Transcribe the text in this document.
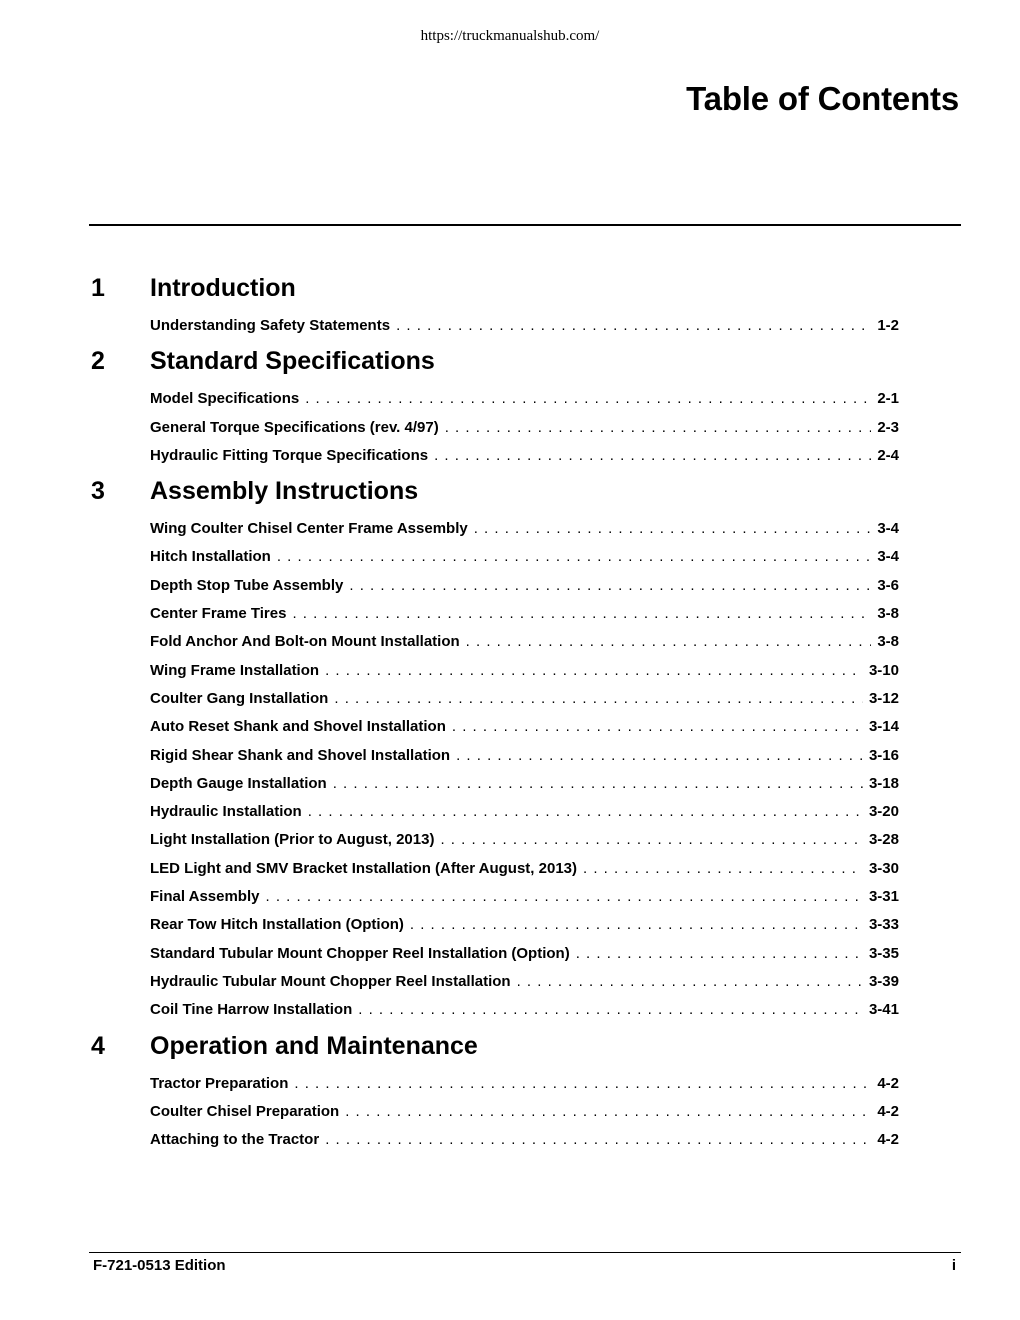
https://truckmanualshub.com/
Table of Contents
1	Introduction
Understanding Safety Statements . . .	1-2
2	Standard Specifications
Model Specifications . . .	2-1
General Torque Specifications (rev. 4/97) . . .	2-3
Hydraulic Fitting Torque Specifications . . .	2-4
3	Assembly Instructions
Wing Coulter Chisel Center Frame Assembly . . .	3-4
Hitch Installation . . .	3-4
Depth Stop Tube Assembly . . .	3-6
Center Frame Tires . . .	3-8
Fold Anchor And Bolt-on Mount Installation . . .	3-8
Wing Frame Installation . . .	3-10
Coulter Gang Installation . . .	3-12
Auto Reset Shank and Shovel Installation . . .	3-14
Rigid Shear Shank and Shovel Installation . . .	3-16
Depth Gauge Installation . . .	3-18
Hydraulic Installation . . .	3-20
Light Installation (Prior to August, 2013) . . .	3-28
LED Light and SMV Bracket Installation (After August, 2013) . . .	3-30
Final Assembly . . .	3-31
Rear Tow Hitch Installation (Option) . . .	3-33
Standard Tubular Mount Chopper Reel Installation (Option) . . .	3-35
Hydraulic Tubular Mount Chopper Reel Installation . . .	3-39
Coil Tine Harrow Installation . . .	3-41
4	Operation and Maintenance
Tractor Preparation . . .	4-2
Coulter Chisel Preparation . . .	4-2
Attaching to the Tractor . . .	4-2
F-721-0513 Edition	i
